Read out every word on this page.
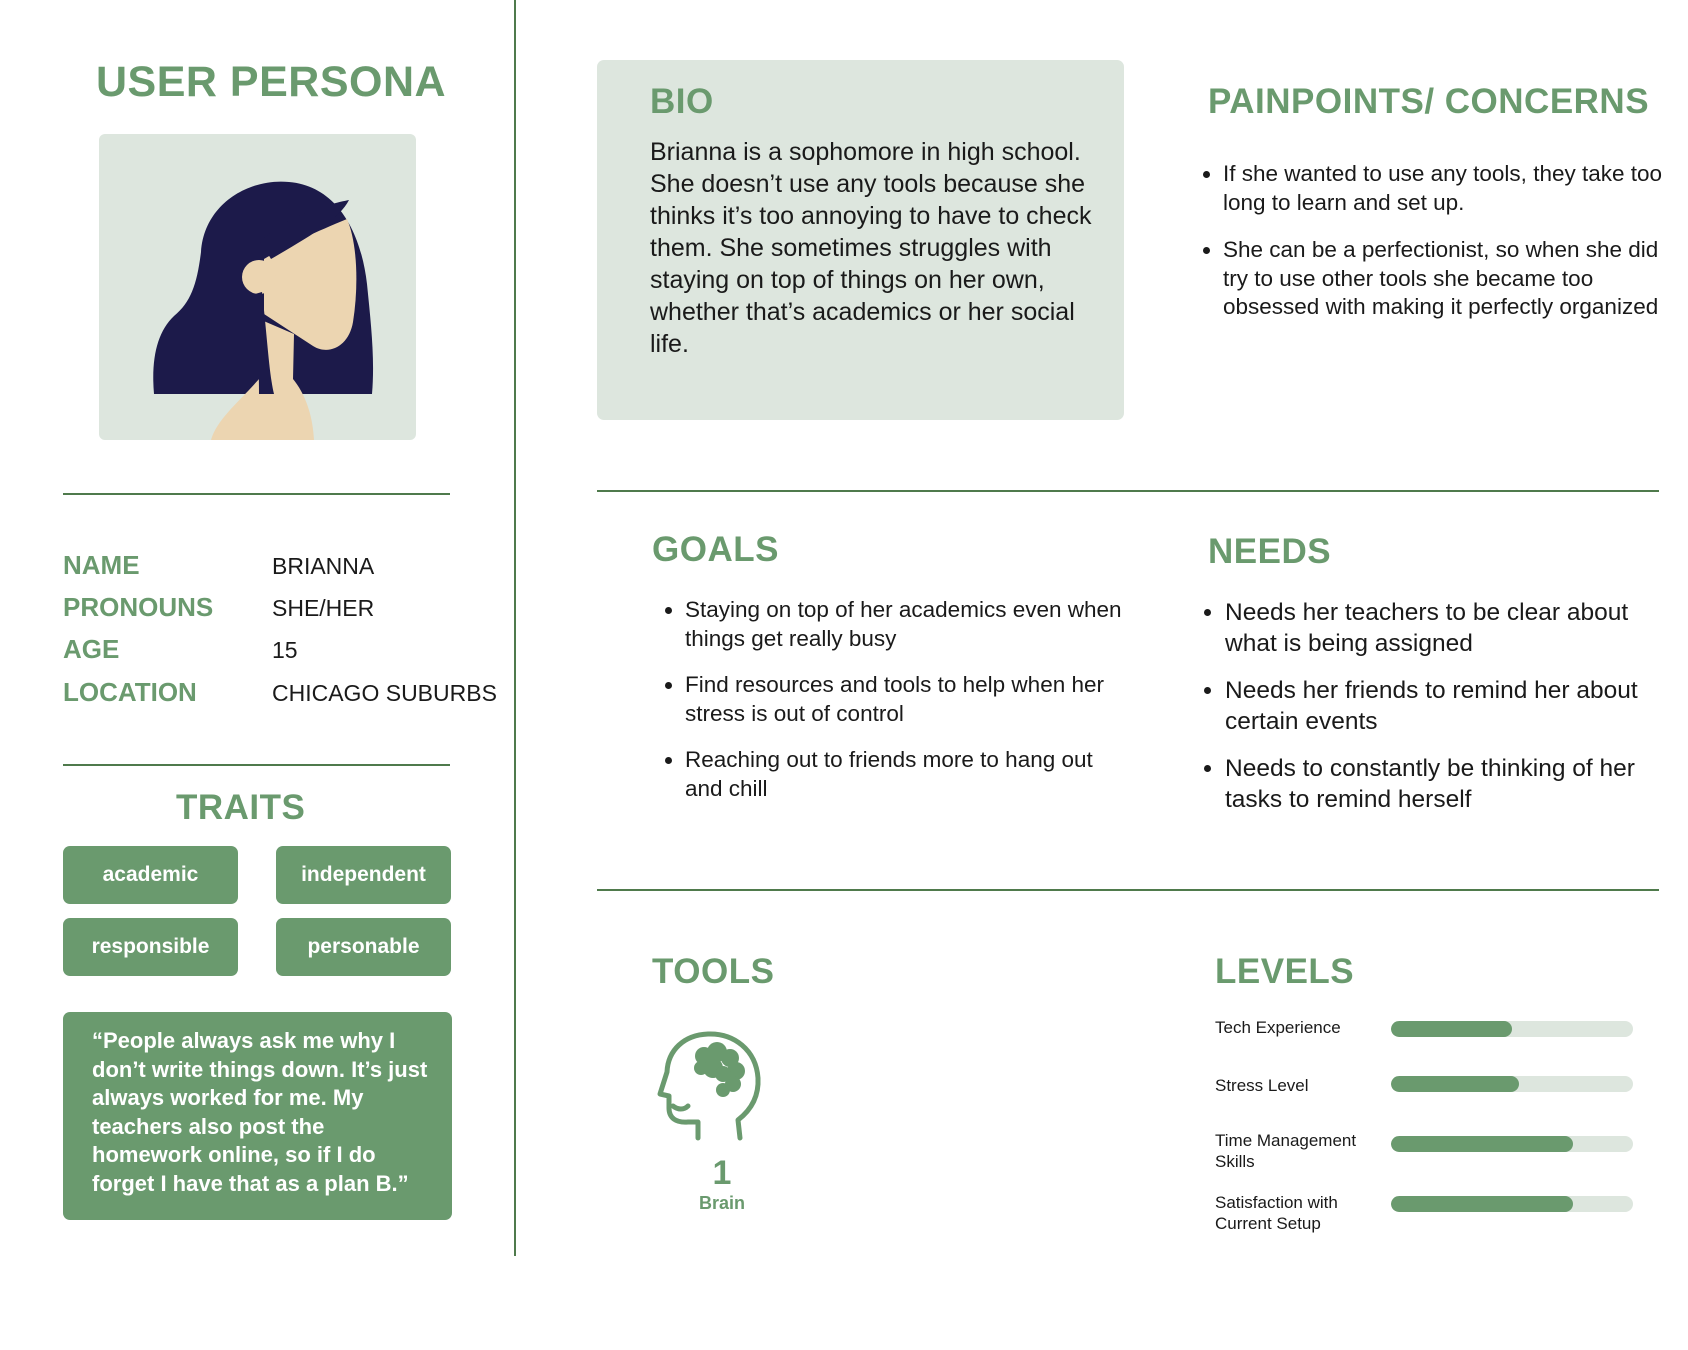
USER PERSONA
NAME	BRIANNA
PRONOUNS	SHE/HER
AGE	15
LOCATION	CHICAGO SUBURBS
TRAITS
academic	independent
responsible	personable
“People always ask me why I don’t write things down. It’s just always worked for me. My teachers also post the homework online, so if I do forget I have that as a plan B.”
BIO

Brianna is a sophomore in high school. She doesn’t use any tools because she thinks it’s too annoying to have to check them. She sometimes struggles with staying on top of things on her own, whether that’s academics or her social life.

PAINPOINTS/ CONCERNS
• If she wanted to use any tools, they take too long to learn and set up.
• She can be a perfectionist, so when she did try to use other tools she became too obsessed with making it perfectly organized
GOALS
• Staying on top of her academics even when things get really busy
• Find resources and tools to help when her stress is out of control
• Reaching out to friends more to hang out and chill
NEEDS
• Needs her teachers to be clear about what is being assigned
• Needs her friends to remind her about certain events
• Needs to constantly be thinking of her tasks to remind herself
TOOLS
1
Brain
LEVELS
Tech Experience
Stress Level
Time Management Skills
Satisfaction with Current Setup
